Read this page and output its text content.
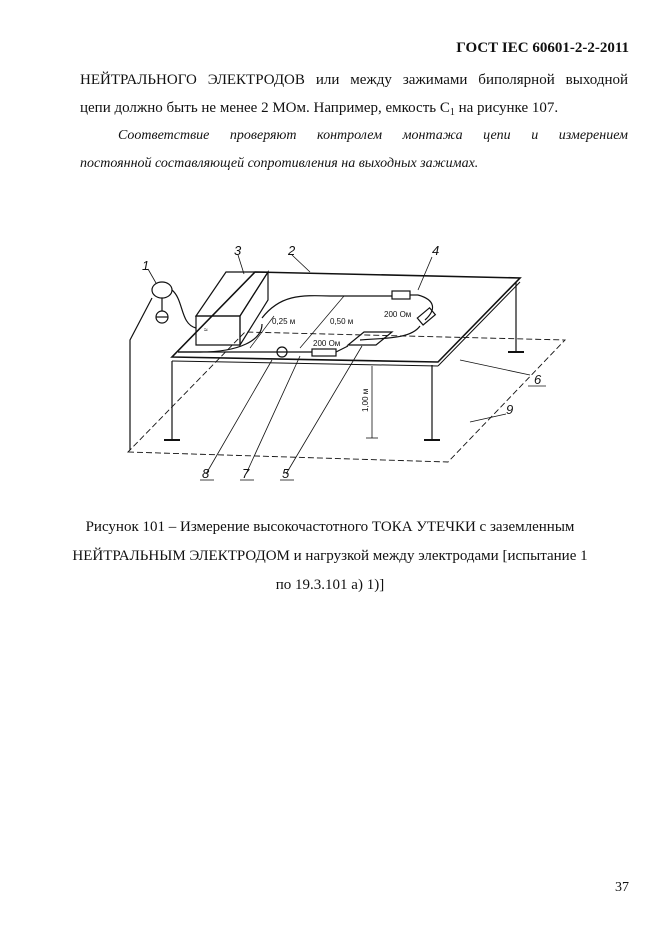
ГОСТ IEC 60601-2-2-2011
НЕЙТРАЛЬНОГО ЭЛЕКТРОДОВ или между зажимами биполярной выходной
цепи должно быть не менее 2 МОм. Например, емкость $С_1$ на рисунке 107.
Соответствие проверяют контролем монтажа цепи и измерением
постоянной составляющей сопротивления на выходных зажимах.
≈
1
3	2	4
6
9
8	7	5
0,25 м	0,50 м
200 Ом
200 Ом
1,00 м
Рисунок 101 – Измерение высокочастотного ТОКА УТЕЧКИ с заземленным
НЕЙТРАЛЬНЫМ ЭЛЕКТРОДОМ и нагрузкой между электродами [испытание 1
по 19.3.101 а) 1)]
37
